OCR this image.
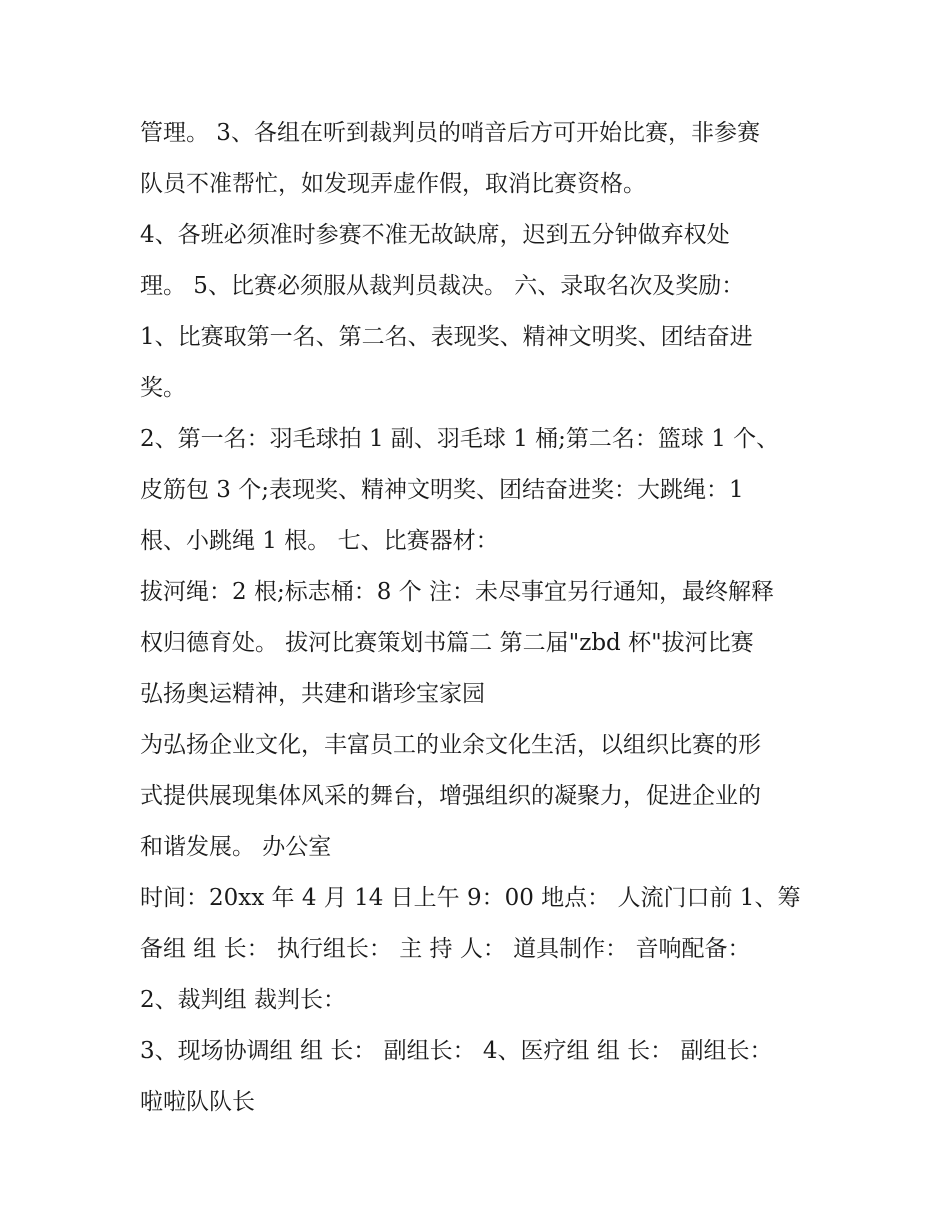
管理。 3、各组在听到裁判员的哨音后方可开始比赛，非参赛
队员不准帮忙，如发现弄虚作假，取消比赛资格。
4、各班必须准时参赛不准无故缺席，迟到五分钟做弃权处
理。 5、比赛必须服从裁判员裁决。 六、录取名次及奖励：
1、比赛取第一名、第二名、表现奖、精神文明奖、团结奋进
奖。
2、第一名：羽毛球拍 1 副、羽毛球 1 桶;第二名：篮球 1 个、
皮筋包 3 个;表现奖、精神文明奖、团结奋进奖：大跳绳：1
根、小跳绳 1 根。 七、比赛器材：
拔河绳：2 根;标志桶：8 个 注：未尽事宜另行通知，最终解释
权归德育处。 拔河比赛策划书篇二 第二届"zbd 杯"拔河比赛
弘扬奥运精神，共建和谐珍宝家园
为弘扬企业文化，丰富员工的业余文化生活，以组织比赛的形
式提供展现集体风采的舞台，增强组织的凝聚力，促进企业的
和谐发展。 办公室
时间：20xx 年 4 月 14 日上午 9：00 地点： 人流门口前 1、筹
备组 组 长： 执行组长： 主 持 人： 道具制作： 音响配备：
2、裁判组 裁判长：
3、现场协调组 组 长： 副组长： 4、医疗组 组 长： 副组长：
啦啦队队长
